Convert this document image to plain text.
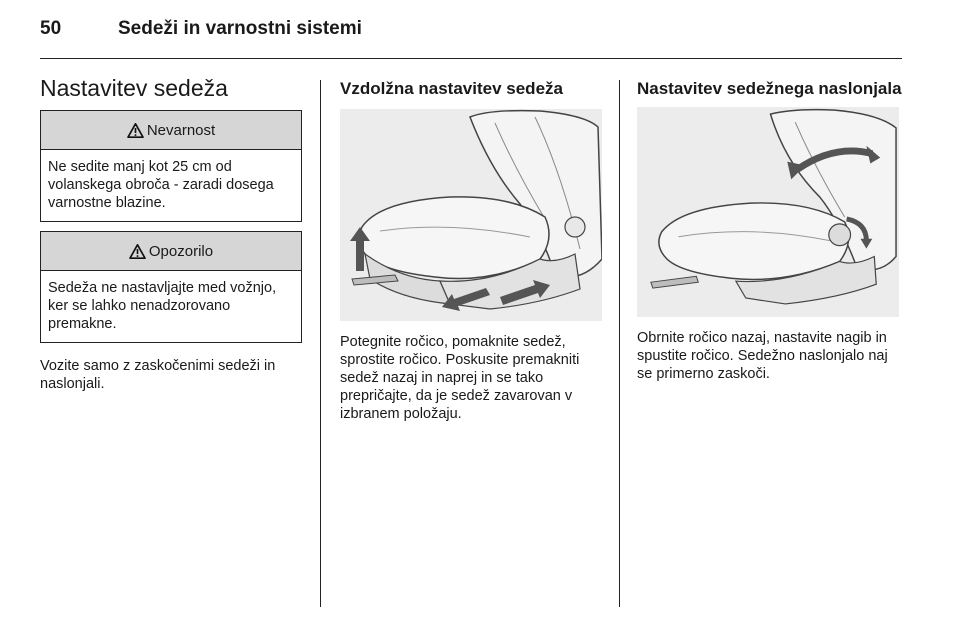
50	Sedeži in varnostni sistemi
Nastavitev sedeža
Nevarnost
Ne sedite manj kot 25 cm od volanskega obroča - zaradi dosega varnostne blazine.
Opozorilo
Sedeža ne nastavljajte med vožnjo, ker se lahko nenadzorovano premakne.

Vozite samo z zaskočenimi sedeži in naslonjali.

Vzdolžna nastavitev sedeža

Potegnite ročico, pomaknite sedež, sprostite ročico. Poskusite premakniti sedež nazaj in naprej in se tako prepričajte, da je sedež zavarovan v izbranem položaju.

Nastavitev sedežnega naslonjala

Obrnite ročico nazaj, nastavite nagib in spustite ročico. Sedežno naslonjalo naj se primerno zaskoči.
